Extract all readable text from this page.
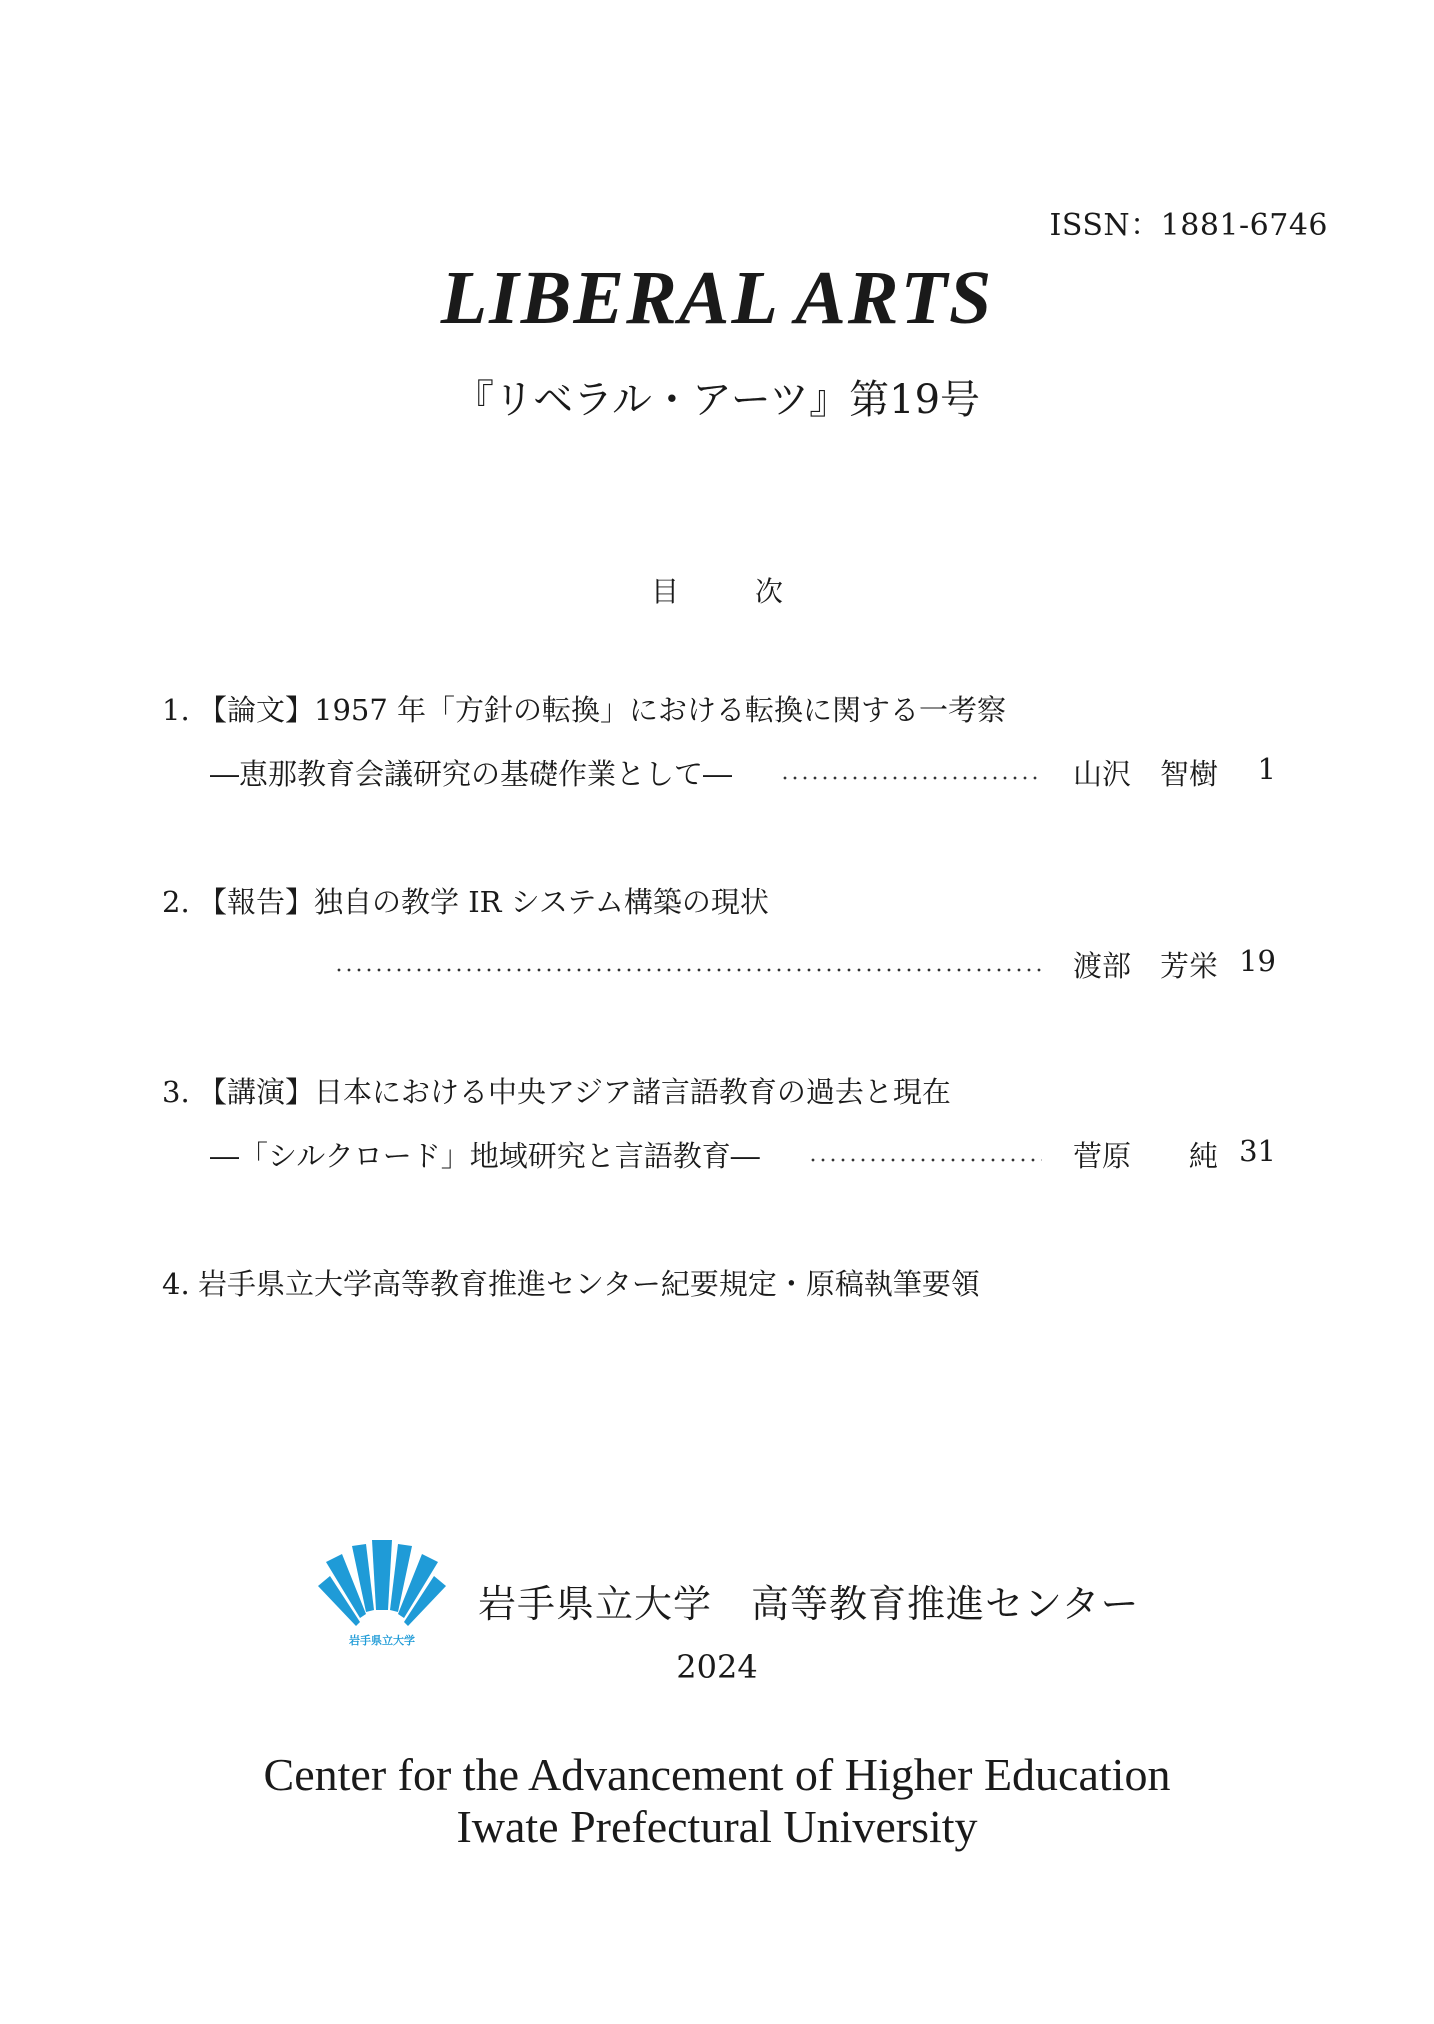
ISSN：1881-6746
LIBERAL ARTS
『リベラル・アーツ』第19号
目　次
1. 【論文】1957 年「方針の転換」における転換に関する一考察
―恵那教育会議研究の基礎作業として―	山沢　智樹	1
2. 【報告】独自の教学 IR システム構築の現状
渡部　芳栄 19
3. 【講演】日本における中央アジア諸言語教育の過去と現在
―「シルクロード」地域研究と言語教育―	菅原　　純 31
4. 岩手県立大学高等教育推進センター紀要規定・原稿執筆要領
岩手県立大学
岩手県立大学　高等教育推進センター
2024
Center for the Advancement of Higher Education
Iwate Prefectural University
